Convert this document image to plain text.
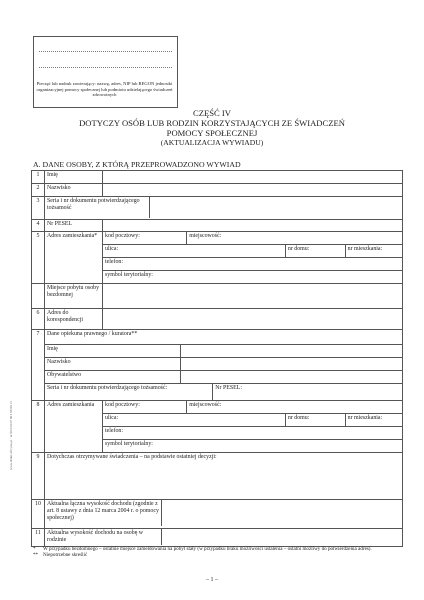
Pieczęć lub nadruk zawierający: nazwę, adres, NIP lub REGON jednostki organizacyjnej pomocy społecznej lub podmiotu udzielającego świadczeń zdrowotnych
CZĘŚĆ IV
DOTYCZY OSÓB LUB RODZIN KORZYSTAJĄCYCH ZE ŚWIADCZEŃ
POMOCY SPOŁECZNEJ
(AKTUALIZACJA WYWIADU)
A. DANE OSOBY, Z KTÓRĄ PRZEPROWADZONO WYWIAD
1	Imię	
2	Nazwisko	
3	Seria i nr dokumentu potwierdzającego tożsamość	

4	Nr PESEL	
5	Adres zamieszkania*	kod pocztowy:	miejscowość:
ulica:	nr domu:	nr mieszkania:
telefon:
symbol terytorialny:

	Miejsce pobytu osoby bezdomnej	
6	Adres do korespondencji	
7	Dane opiekuna prawnego / kuratora**
Imię	
Nazwisko	
Obywatelstwo	
Seria i nr dokumentu potwierdzającego tożsamość:	Nr PESEL:

8	Adres zamieszkania	kod pocztowy:	miejscowość:
ulica:	nr domu:	nr mieszkania:
telefon:
symbol terytorialny:

9	Dotychczas otrzymywane świadczenia – na podstawie ostatniej decyzji:
10	Aktualna łączna wysokość dochodu (zgodnie z art. 8 ustawy z dnia 12 marca 2004 r. o pomocy społecznej)	

11	Aktualna wysokość dochodu na osobę w rodzinie	
*	W przypadku bezdomnego – ostatnie miejsce zameldowania na pobyt stały (w przypadku braku możliwości ustalenia – ostatni możliwy do potwierdzenia adres).
** Niepotrzebne skreślić
– 1 –
www.druki-oficyna.pl · nr 06 010 07 00 I 08 00 12
